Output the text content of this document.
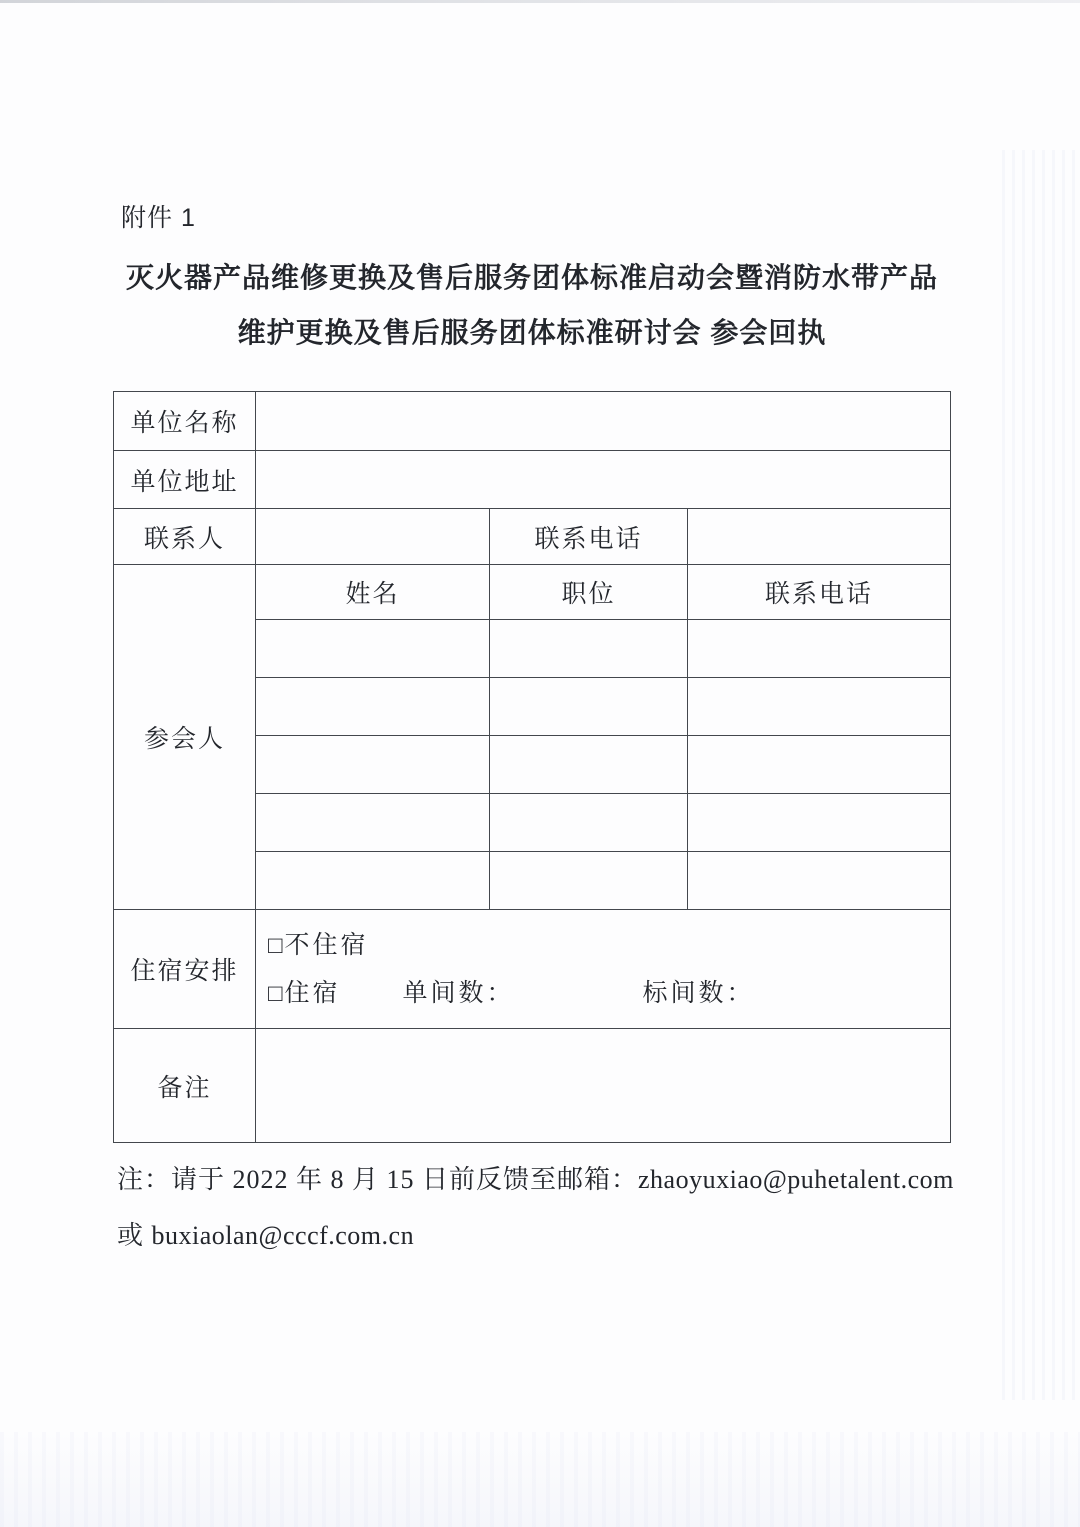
附件 1
灭火器产品维修更换及售后服务团体标准启动会暨消防水带产品
维护更换及售后服务团体标准研讨会 参会回执
单位名称			
单位地址			
联系人		联系电话	
参会人	姓名	职位	联系电话

住宿安排	□不住宿
□住宿 单间数： 标间数：		

备注			
注：请于 2022 年 8 月 15 日前反馈至邮箱：zhaoyuxiao@puhetalent.com
或 buxiaolan@cccf.com.cn
